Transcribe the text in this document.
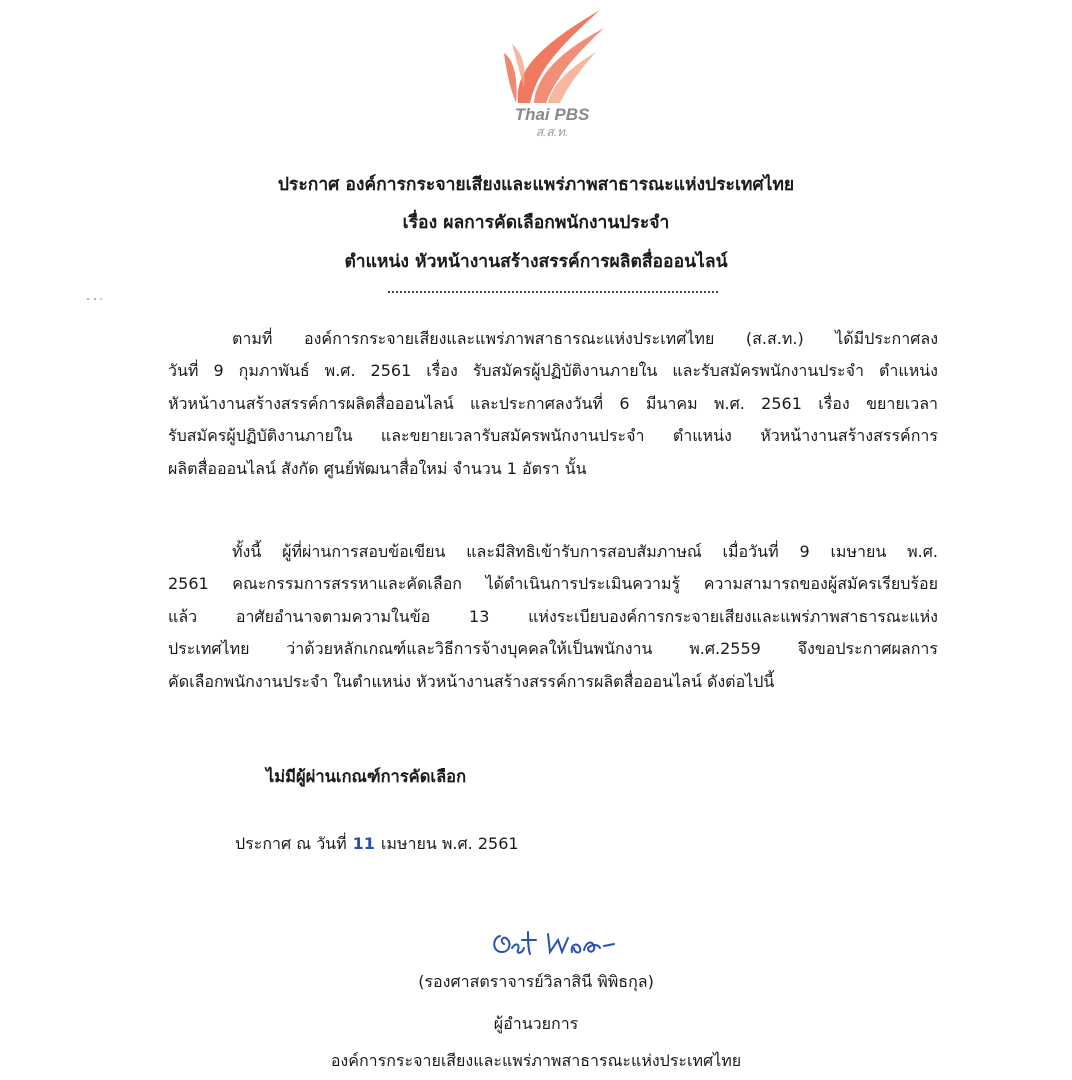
Thai PBS
ส.ส.ท.
ประกาศ องค์การกระจายเสียงและแพร่ภาพสาธารณะแห่งประเทศไทย
เรื่อง ผลการคัดเลือกพนักงานประจำ
ตำแหน่ง หัวหน้างานสร้างสรรค์การผลิตสื่อออนไลน์
ตามที่ องค์การกระจายเสียงและแพร่ภาพสาธารณะแห่งประเทศไทย (ส.ส.ท.) ได้มีประกาศลง
วันที่ 9 กุมภาพันธ์ พ.ศ. 2561 เรื่อง รับสมัครผู้ปฏิบัติงานภายใน และรับสมัครพนักงานประจำ ตำแหน่ง
หัวหน้างานสร้างสรรค์การผลิตสื่อออนไลน์ และประกาศลงวันที่ 6 มีนาคม พ.ศ. 2561 เรื่อง ขยายเวลา
รับสมัครผู้ปฏิบัติงานภายใน และขยายเวลารับสมัครพนักงานประจำ ตำแหน่ง หัวหน้างานสร้างสรรค์การ
ผลิตสื่อออนไลน์ สังกัด ศูนย์พัฒนาสื่อใหม่ จำนวน 1 อัตรา นั้น
ทั้งนี้ ผู้ที่ผ่านการสอบข้อเขียน และมีสิทธิเข้ารับการสอบสัมภาษณ์ เมื่อวันที่ 9 เมษายน พ.ศ.
2561 คณะกรรมการสรรหาและคัดเลือก ได้ดำเนินการประเมินความรู้ ความสามารถของผู้สมัครเรียบร้อย
แล้ว อาศัยอำนาจตามความในข้อ 13 แห่งระเบียบองค์การกระจายเสียงและแพร่ภาพสาธารณะแห่ง
ประเทศไทย ว่าด้วยหลักเกณฑ์และวิธีการจ้างบุคคลให้เป็นพนักงาน พ.ศ.2559 จึงขอประกาศผลการ
คัดเลือกพนักงานประจำ ในตำแหน่ง หัวหน้างานสร้างสรรค์การผลิตสื่อออนไลน์ ดังต่อไปนี้
ไม่มีผู้ผ่านเกณฑ์การคัดเลือก
ประกาศ ณ วันที่ 11 เมษายน พ.ศ. 2561
(รองศาสตราจารย์วิลาสินี พิพิธกุล)
ผู้อำนวยการ
องค์การกระจายเสียงและแพร่ภาพสาธารณะแห่งประเทศไทย
